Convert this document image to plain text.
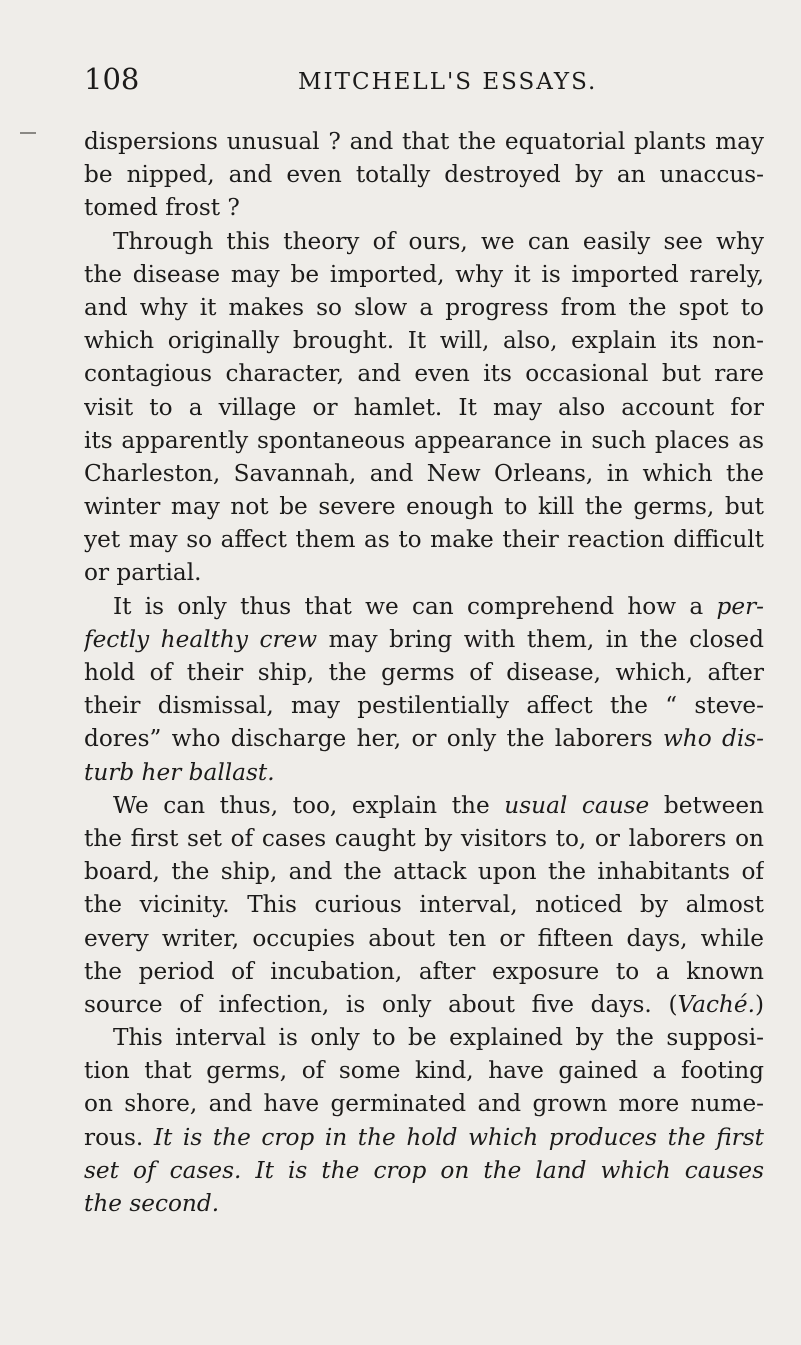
108	MITCHELL'S ESSAYS.
dispersions unusual ? and that the equatorial plants may
be nipped, and even totally destroyed by an unaccus-
tomed frost ?
Through this theory of ours, we can easily see why
the disease may be imported, why it is imported rarely,
and why it makes so slow a progress from the spot to
which originally brought. It will, also, explain its non-
contagious character, and even its occasional but rare
visit to a village or hamlet. It may also account for
its apparently spontaneous appearance in such places as
Charleston, Savannah, and New Orleans, in which the
winter may not be severe enough to kill the germs, but
yet may so affect them as to make their reaction difficult
or partial.
It is only thus that we can comprehend how a per-
fectly healthy crew may bring with them, in the closed
hold of their ship, the germs of disease, which, after
their dismissal, may pestilentially affect the “ steve-
dores” who discharge her, or only the laborers who dis-
turb her ballast.
We can thus, too, explain the usual cause between
the first set of cases caught by visitors to, or laborers on
board, the ship, and the attack upon the inhabitants of
the vicinity. This curious interval, noticed by almost
every writer, occupies about ten or fifteen days, while
the period of incubation, after exposure to a known
source of infection, is only about five days. (Vaché.)
This interval is only to be explained by the supposi-
tion that germs, of some kind, have gained a footing
on shore, and have germinated and grown more nume-
rous. It is the crop in the hold which produces the first
set of cases. It is the crop on the land which causes
the second.
